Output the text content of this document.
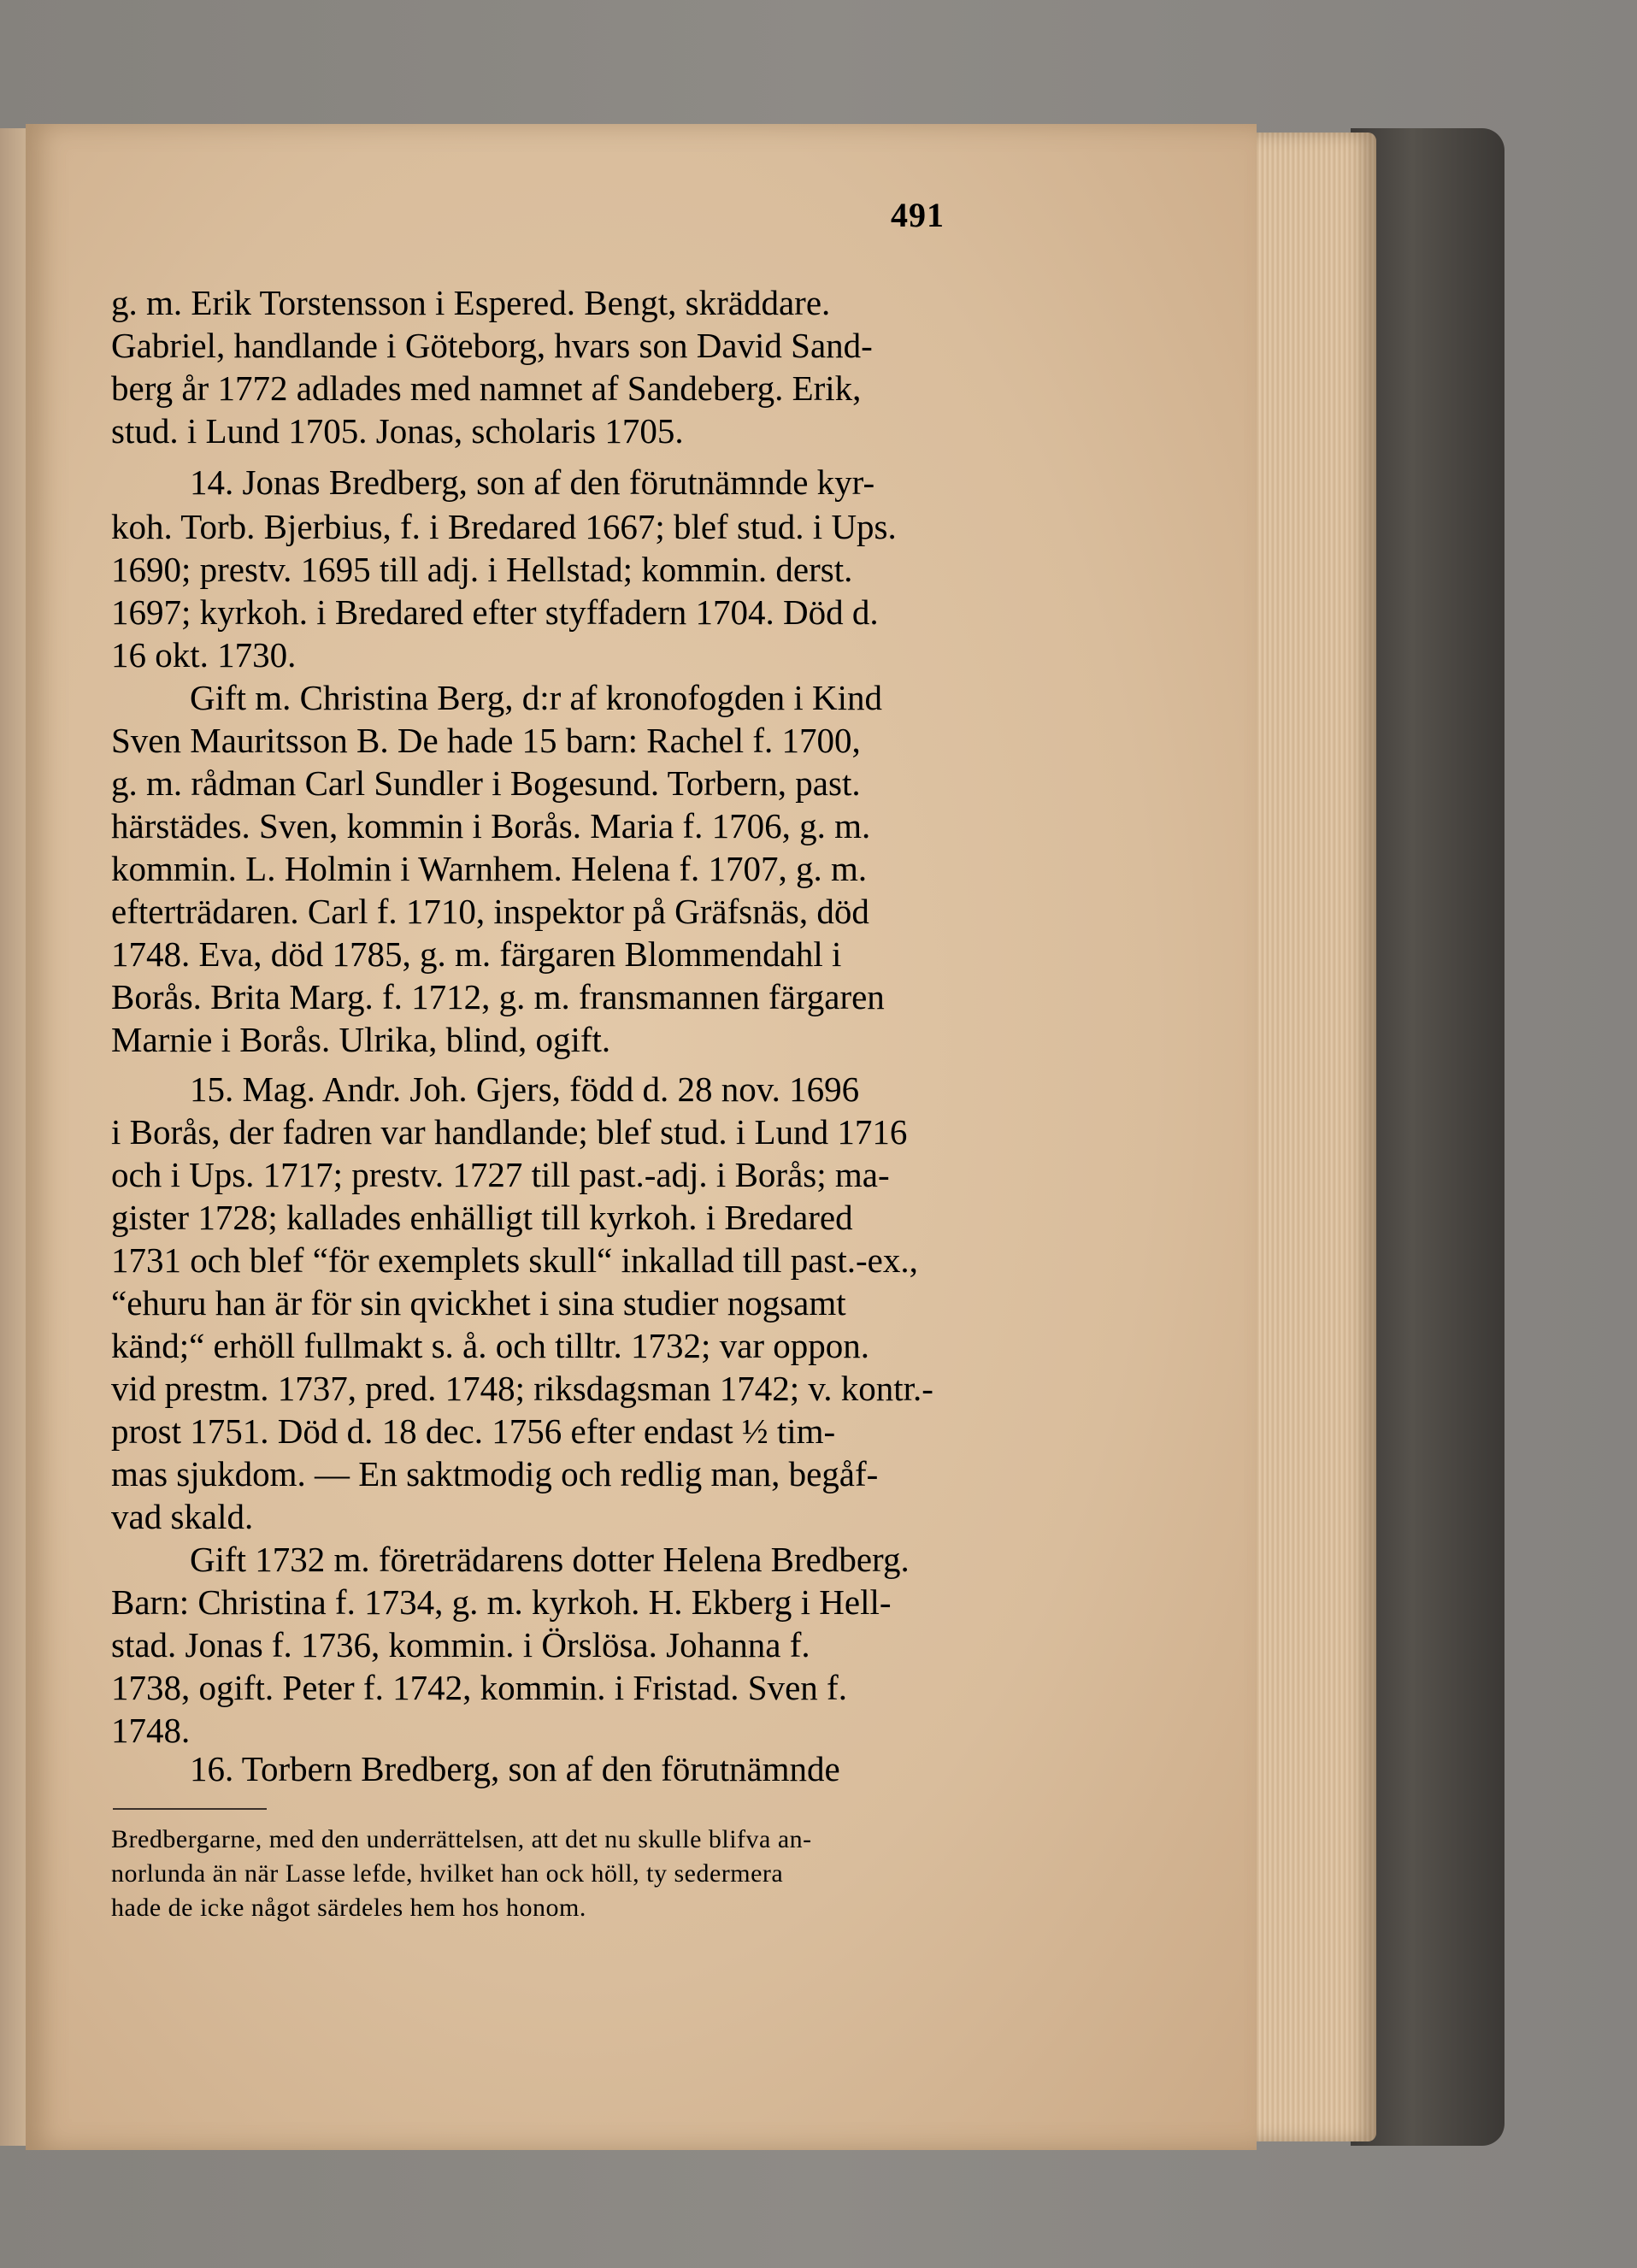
491
g. m. Erik Torstensson i Espered. Bengt, skräddare.
Gabriel, handlande i Göteborg, hvars son David Sand-
berg år 1772 adlades med namnet af Sandeberg. Erik,
stud. i Lund 1705. Jonas, scholaris 1705.
14. Jonas Bredberg, son af den förutnämnde kyr-
koh. Torb. Bjerbius, f. i Bredared 1667; blef stud. i Ups.
1690; prestv. 1695 till adj. i Hellstad; kommin. derst.
1697; kyrkoh. i Bredared efter styffadern 1704. Död d.
16 okt. 1730.
Gift m. Christina Berg, d:r af kronofogden i Kind
Sven Mauritsson B. De hade 15 barn: Rachel f. 1700,
g. m. rådman Carl Sundler i Bogesund. Torbern, past.
härstädes. Sven, kommin i Borås. Maria f. 1706, g. m.
kommin. L. Holmin i Warnhem. Helena f. 1707, g. m.
efterträdaren. Carl f. 1710, inspektor på Gräfsnäs, död
1748. Eva, död 1785, g. m. färgaren Blommendahl i
Borås. Brita Marg. f. 1712, g. m. fransmannen färgaren
Marnie i Borås. Ulrika, blind, ogift.
15. Mag. Andr. Joh. Gjers, född d. 28 nov. 1696
i Borås, der fadren var handlande; blef stud. i Lund 1716
och i Ups. 1717; prestv. 1727 till past.-adj. i Borås; ma-
gister 1728; kallades enhälligt till kyrkoh. i Bredared
1731 och blef “för exemplets skull“ inkallad till past.-ex.,
“ehuru han är för sin qvickhet i sina studier nogsamt
känd;“ erhöll fullmakt s. å. och tilltr. 1732; var oppon.
vid prestm. 1737, pred. 1748; riksdagsman 1742; v. kontr.-
prost 1751. Död d. 18 dec. 1756 efter endast ½ tim-
mas sjukdom. — En saktmodig och redlig man, begåf-
vad skald.
Gift 1732 m. företrädarens dotter Helena Bredberg.
Barn: Christina f. 1734, g. m. kyrkoh. H. Ekberg i Hell-
stad. Jonas f. 1736, kommin. i Örslösa. Johanna f.
1738, ogift. Peter f. 1742, kommin. i Fristad. Sven f.
1748.
16. Torbern Bredberg, son af den förutnämnde
Bredbergarne, med den underrättelsen, att det nu skulle blifva an-
norlunda än när Lasse lefde, hvilket han ock höll, ty sedermera
hade de icke något särdeles hem hos honom.
